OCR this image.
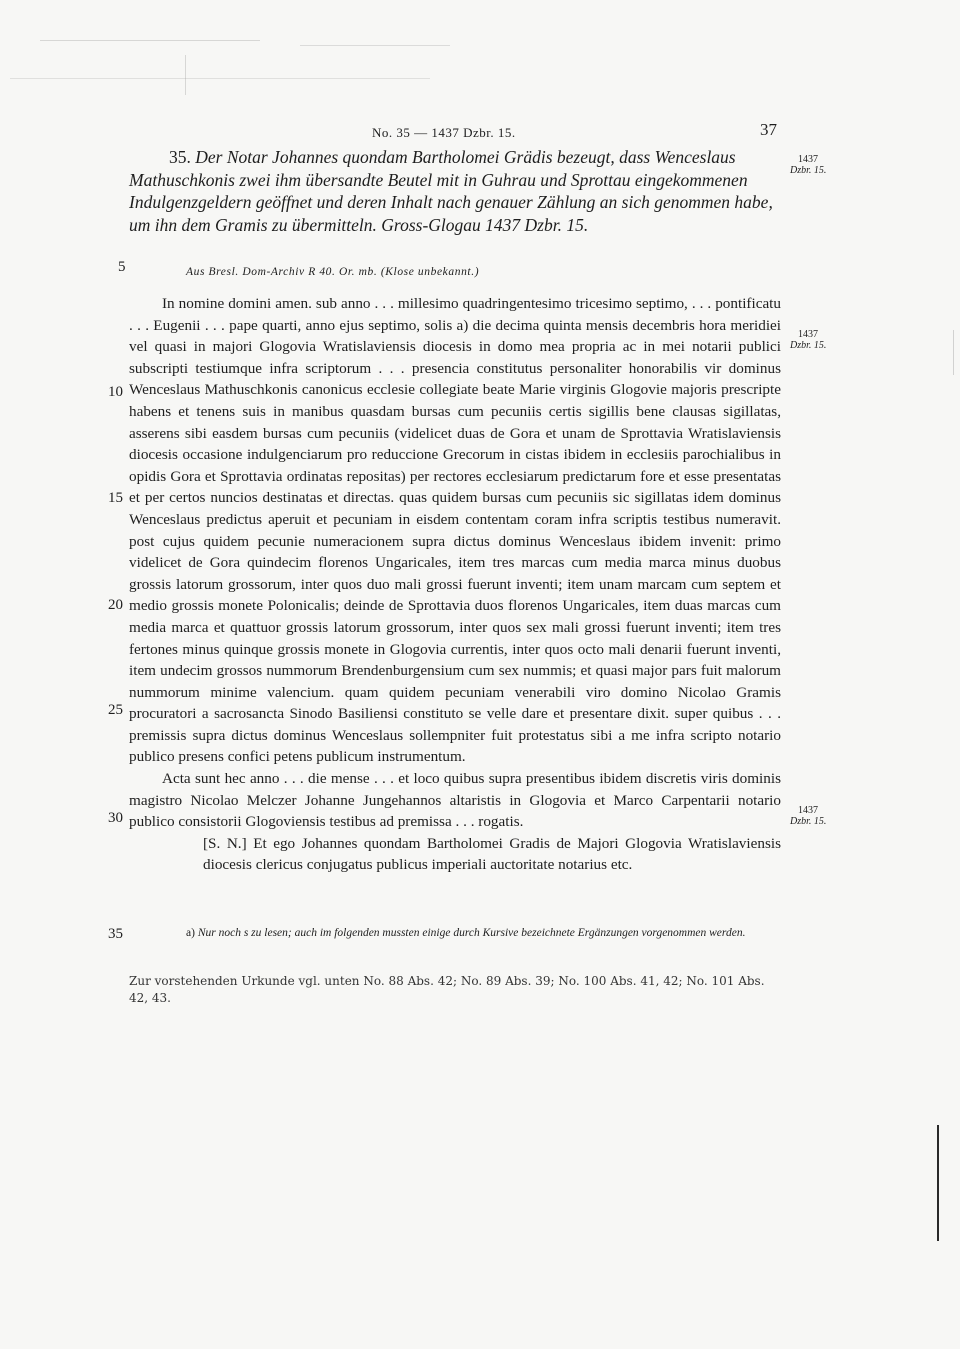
No. 35 — 1437 Dzbr. 15.	37
1437
Dzbr. 15.
1437
Dzbr. 15.
1437
Dzbr. 15.
5
10
15
20
25
30
35

35. Der Notar Johannes quondam Bartholomei Grädis bezeugt, dass Wenceslaus

Mathuschkonis zwei ihm übersandte Beutel mit in Guhrau und Sprottau eingekommenen

Indulgenzgeldern geöffnet und deren Inhalt nach genauer Zählung an sich genommen habe,

um ihn dem Gramis zu übermitteln. Gross-Glogau 1437 Dzbr. 15.

Aus Bresl. Dom-Archiv R 40. Or. mb. (Klose unbekannt.)

In nomine domini amen. sub anno . . . millesimo quadringentesimo tricesimo septimo, . . . pontificatu . . . Eugenii . . . pape quarti, anno ejus septimo, solis a) die decima quinta mensis decembris hora meridiei vel quasi in majori Glogovia Wratislaviensis diocesis in domo mea propria ac in mei notarii publici subscripti testiumque infra scriptorum . . . presencia constitutus personaliter honorabilis vir dominus Wenceslaus Mathuschkonis canonicus ecclesie collegiate beate Marie virginis Glogovie majoris prescripte habens et tenens suis in manibus quasdam bursas cum pecuniis certis sigillis bene clausas sigillatas, asserens sibi easdem bursas cum pecuniis (videlicet duas de Gora et unam de Sprottavia Wratislaviensis diocesis occasione indulgenciarum pro reduccione Grecorum in cistas ibidem in ecclesiis parochialibus in opidis Gora et Sprottavia ordinatas repositas) per rectores ecclesiarum predictarum fore et esse presentatas et per certos nuncios destinatas et directas. quas quidem bursas cum pecuniis sic sigillatas idem dominus Wenceslaus predictus aperuit et pecuniam in eisdem contentam coram infra scriptis testibus numeravit. post cujus quidem pecunie numeracionem supra dictus dominus Wenceslaus ibidem invenit: primo videlicet de Gora quindecim florenos Ungaricales, item tres marcas cum media marca minus duobus grossis latorum grossorum, inter quos duo mali grossi fuerunt inventi; item unam marcam cum septem et medio grossis monete Polonicalis; deinde de Sprottavia duos florenos Ungaricales, item duas marcas cum media marca et quattuor grossis latorum grossorum, inter quos sex mali grossi fuerunt inventi; item tres fertones minus quinque grossis monete in Glogovia currentis, inter quos octo mali denarii fuerunt inventi, item undecim grossos nummorum Brendenburgensium cum sex nummis; et quasi major pars fuit malorum nummorum minime valencium. quam quidem pecuniam venerabili viro domino Nicolao Gramis procuratori a sacrosancta Sinodo Basiliensi constituto se velle dare et presentare dixit. super quibus . . . premissis supra dictus dominus Wenceslaus sollempniter fuit protestatus sibi a me infra scripto notario publico presens confici petens publicum instrumentum.

Acta sunt hec anno . . . die mense . . . et loco quibus supra presentibus ibidem discretis viris dominis magistro Nicolao Melczer Johanne Jungehannos altaristis in Glogovia et Marco Carpentarii notario publico consistorii Glogoviensis testibus ad premissa . . . rogatis.

[S. N.] Et ego Johannes quondam Bartholomei Gradis de Majori Glogovia Wratislaviensis diocesis clericus conjugatus publicus imperiali auctoritate notarius etc.

a) Nur noch s zu lesen; auch im folgenden mussten einige durch Kursive bezeichnete Ergänzungen vorgenommen werden.
Zur vorstehenden Urkunde vgl. unten No. 88 Abs. 42; No. 89 Abs. 39; No. 100 Abs. 41, 42; No. 101 Abs. 42, 43.
